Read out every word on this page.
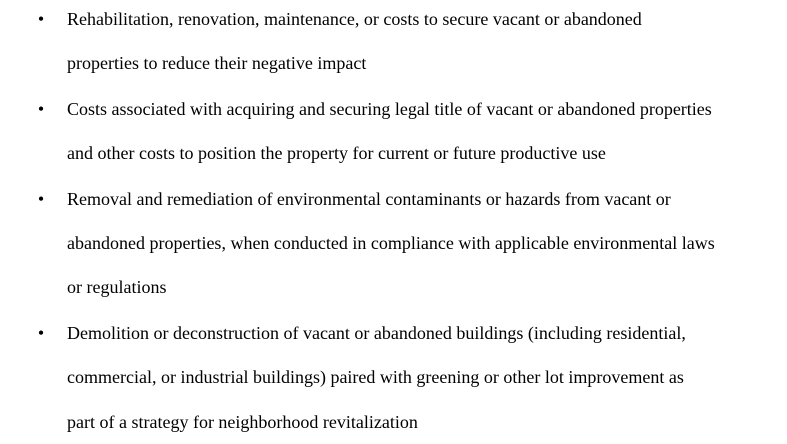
• Rehabilitation, renovation, maintenance, or costs to secure vacant or abandoned
properties to reduce their negative impact
• Costs associated with acquiring and securing legal title of vacant or abandoned properties
and other costs to position the property for current or future productive use
• Removal and remediation of environmental contaminants or hazards from vacant or
abandoned properties, when conducted in compliance with applicable environmental laws
or regulations
• Demolition or deconstruction of vacant or abandoned buildings (including residential,
commercial, or industrial buildings) paired with greening or other lot improvement as
part of a strategy for neighborhood revitalization
